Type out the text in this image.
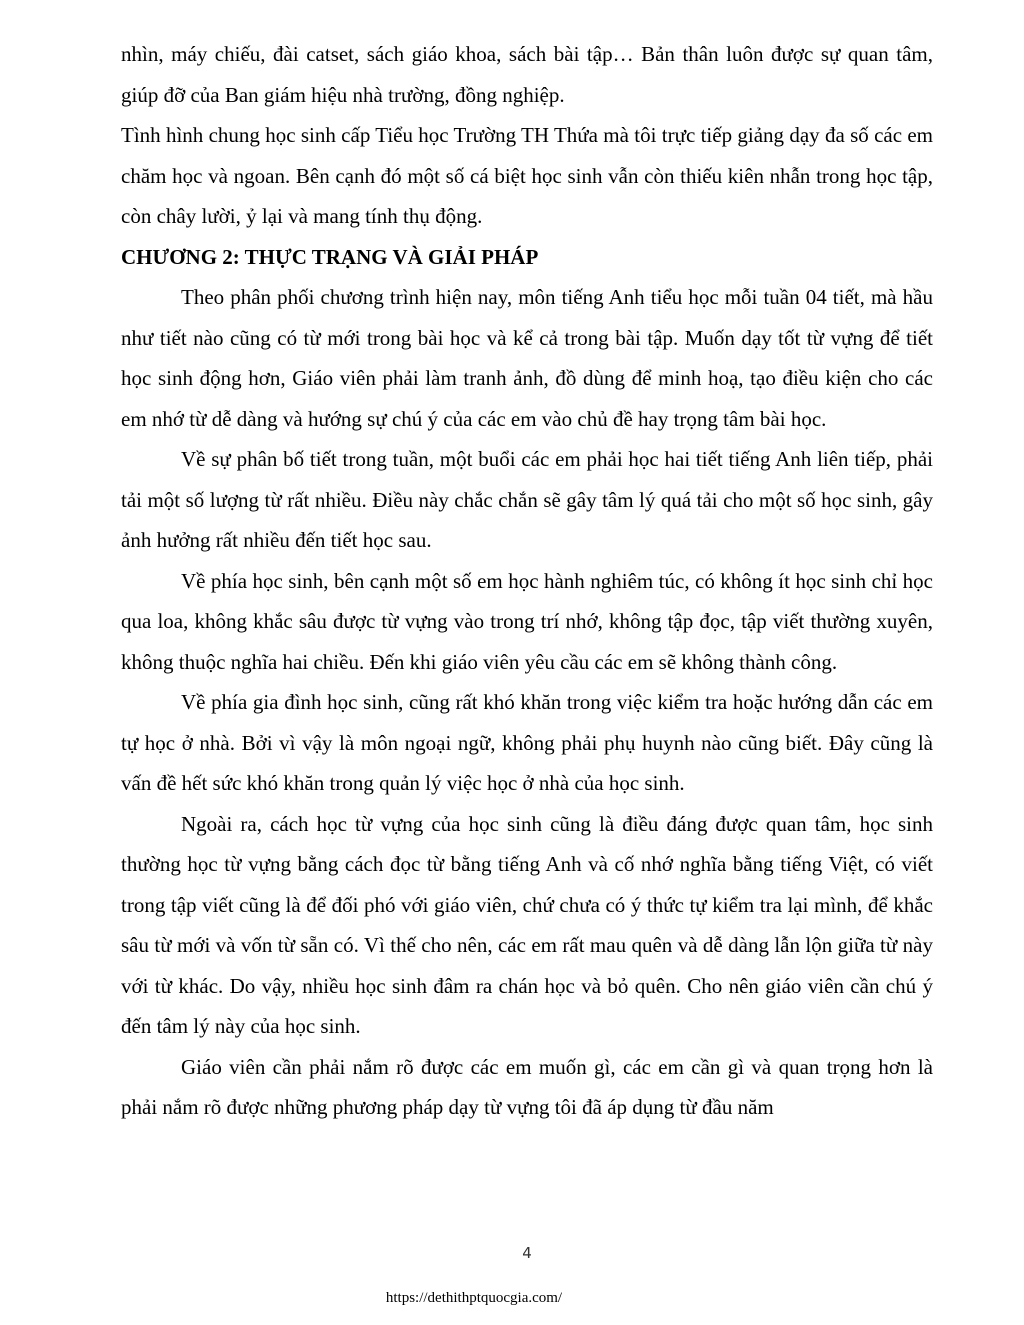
nhìn, máy chiếu, đài catset, sách giáo khoa, sách bài tập… Bản thân luôn được sự quan tâm, giúp đỡ của Ban giám hiệu nhà trường, đồng nghiệp.

Tình hình chung học sinh cấp Tiểu học Trường TH Thứa mà tôi trực tiếp giảng dạy đa số các em chăm học và ngoan. Bên cạnh đó một số cá biệt học sinh vẫn còn thiếu kiên nhẫn trong học tập, còn chây lười, ỷ lại và mang tính thụ động.

CHƯƠNG 2: THỰC TRẠNG VÀ GIẢI PHÁP

Theo phân phối chương trình hiện nay, môn tiếng Anh tiểu học mỗi tuần 04 tiết, mà hầu như tiết nào cũng có từ mới trong bài học và kể cả trong bài tập. Muốn dạy tốt từ vựng để tiết học sinh động hơn, Giáo viên phải làm tranh ảnh, đồ dùng để minh hoạ, tạo điều kiện cho các em nhớ từ dễ dàng và hướng sự chú ý của các em vào chủ đề hay trọng tâm bài học.

Về sự phân bố tiết trong tuần, một buổi các em phải học hai tiết tiếng Anh liên tiếp, phải tải một số lượng từ rất nhiều. Điều này chắc chắn sẽ gây tâm lý quá tải cho một số học sinh, gây ảnh hưởng rất nhiều đến tiết học sau.

Về phía học sinh, bên cạnh một số em học hành nghiêm túc, có không ít học sinh chỉ học qua loa, không khắc sâu được từ vựng vào trong trí nhớ, không tập đọc, tập viết thường xuyên, không thuộc nghĩa hai chiều. Đến khi giáo viên yêu cầu các em sẽ không thành công.

Về phía gia đình học sinh, cũng rất khó khăn trong việc kiểm tra hoặc hướng dẫn các em tự học ở nhà. Bởi vì vậy là môn ngoại ngữ, không phải phụ huynh nào cũng biết. Đây cũng là vấn đề hết sức khó khăn trong quản lý việc học ở nhà của học sinh.

Ngoài ra, cách học từ vựng của học sinh cũng là điều đáng được quan tâm, học sinh thường học từ vựng bằng cách đọc từ bằng tiếng Anh và cố nhớ nghĩa bằng tiếng Việt, có viết trong tập viết cũng là để đối phó với giáo viên, chứ chưa có ý thức tự kiểm tra lại mình, để khắc sâu từ mới và vốn từ sẵn có. Vì thế cho nên, các em rất mau quên và dễ dàng lẫn lộn giữa từ này với từ khác. Do vậy, nhiều học sinh đâm ra chán học và bỏ quên. Cho nên giáo viên cần chú ý đến tâm lý này của học sinh.

Giáo viên cần phải nắm rõ được các em muốn gì, các em cần gì và quan trọng hơn là phải nắm rõ được những phương pháp dạy từ vựng tôi đã áp dụng từ đầu năm

4
https://dethithptquocgia.com/
